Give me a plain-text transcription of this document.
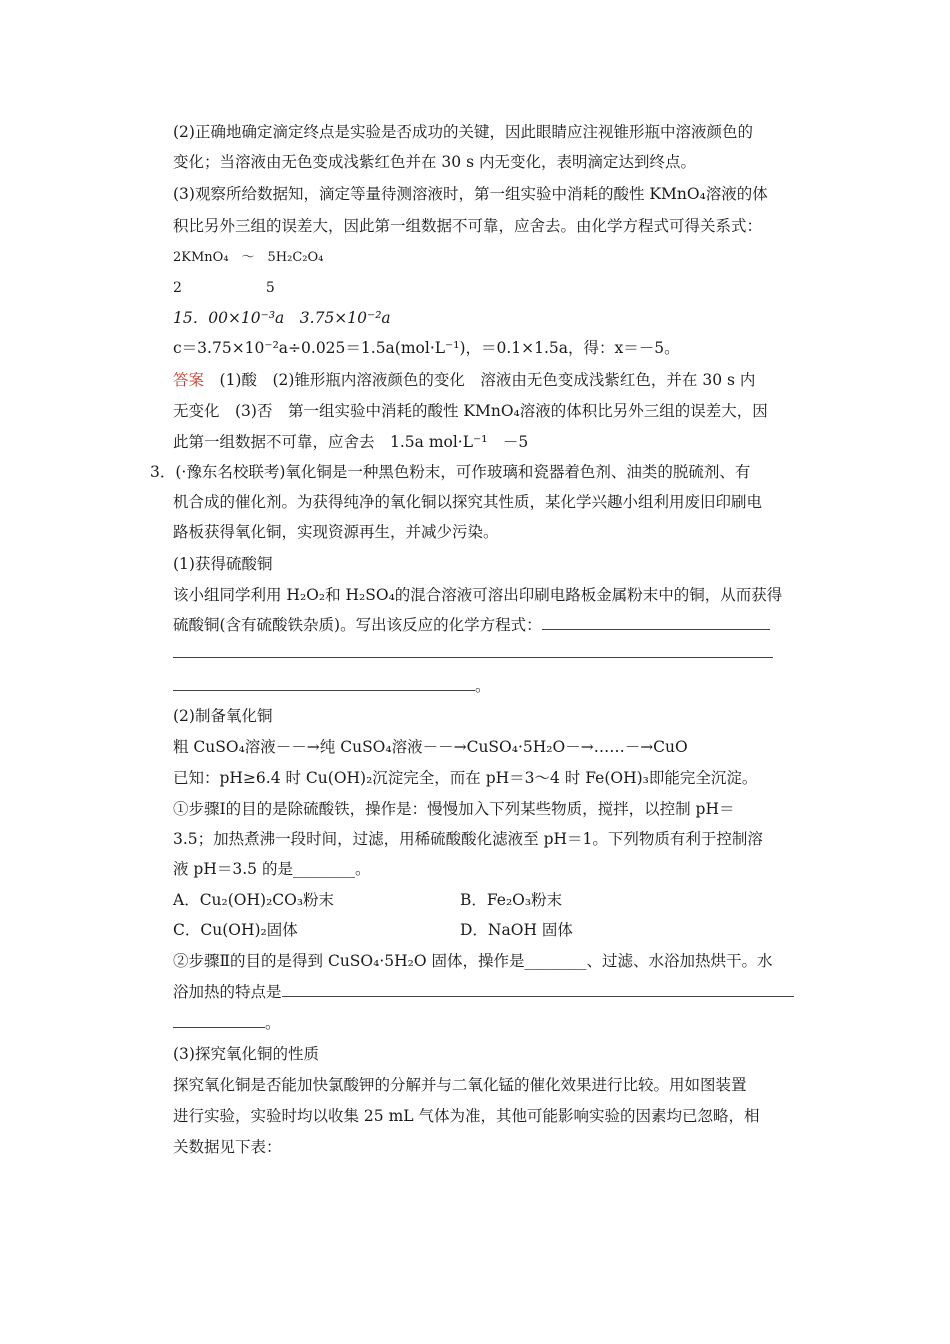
(2)正确地确定滴定终点是实验是否成功的关键，因此眼睛应注视锥形瓶中溶液颜色的
变化；当溶液由无色变成浅紫红色并在 30 s 内无变化，表明滴定达到终点。
(3)观察所给数据知，滴定等量待测溶液时，第一组实验中消耗的酸性 KMnO₄溶液的体
积比另外三组的误差大，因此第一组数据不可靠，应舍去。由化学方程式可得关系式：
2KMnO₄　～　5H₂C₂O₄
2　　　　　　5
15．00×10⁻³a　3.75×10⁻²a
c＝3.75×10⁻²a÷0.025＝1.5a(mol·L⁻¹)，＝0.1×1.5a，得：x＝－5。
答案　(1)酸　(2)锥形瓶内溶液颜色的变化　溶液由无色变成浅紫红色，并在 30 s 内
无变化　(3)否　第一组实验中消耗的酸性 KMnO₄溶液的体积比另外三组的误差大，因
此第一组数据不可靠，应舍去　1.5a mol·L⁻¹　－5
3．(·豫东名校联考)氧化铜是一种黑色粉末，可作玻璃和瓷器着色剂、油类的脱硫剂、有
机合成的催化剂。为获得纯净的氧化铜以探究其性质，某化学兴趣小组利用废旧印刷电
路板获得氧化铜，实现资源再生，并减少污染。
(1)获得硫酸铜
该小组同学利用 H₂O₂和 H₂SO₄的混合溶液可溶出印刷电路板金属粉末中的铜，从而获得
硫酸铜(含有硫酸铁杂质)。写出该反应的化学方程式：
。
(2)制备氧化铜
粗 CuSO₄溶液－－→纯 CuSO₄溶液－－→CuSO₄·5H₂O－→……－→CuO
已知：pH≥6.4 时 Cu(OH)₂沉淀完全，而在 pH＝3～4 时 Fe(OH)₃即能完全沉淀。
①步骤Ⅰ的目的是除硫酸铁，操作是：慢慢加入下列某些物质，搅拌，以控制 pH＝
3.5；加热煮沸一段时间，过滤，用稀硫酸酸化滤液至 pH＝1。下列物质有利于控制溶
液 pH＝3.5 的是________。
A．Cu₂(OH)₂CO₃粉末	B．Fe₂O₃粉末
C．Cu(OH)₂固体	D．NaOH 固体
②步骤Ⅱ的目的是得到 CuSO₄·5H₂O 固体，操作是________、过滤、水浴加热烘干。水
浴加热的特点是
。
(3)探究氧化铜的性质
探究氧化铜是否能加快氯酸钾的分解并与二氧化锰的催化效果进行比较。用如图装置
进行实验，实验时均以收集 25 mL 气体为准，其他可能影响实验的因素均已忽略，相
关数据见下表：
